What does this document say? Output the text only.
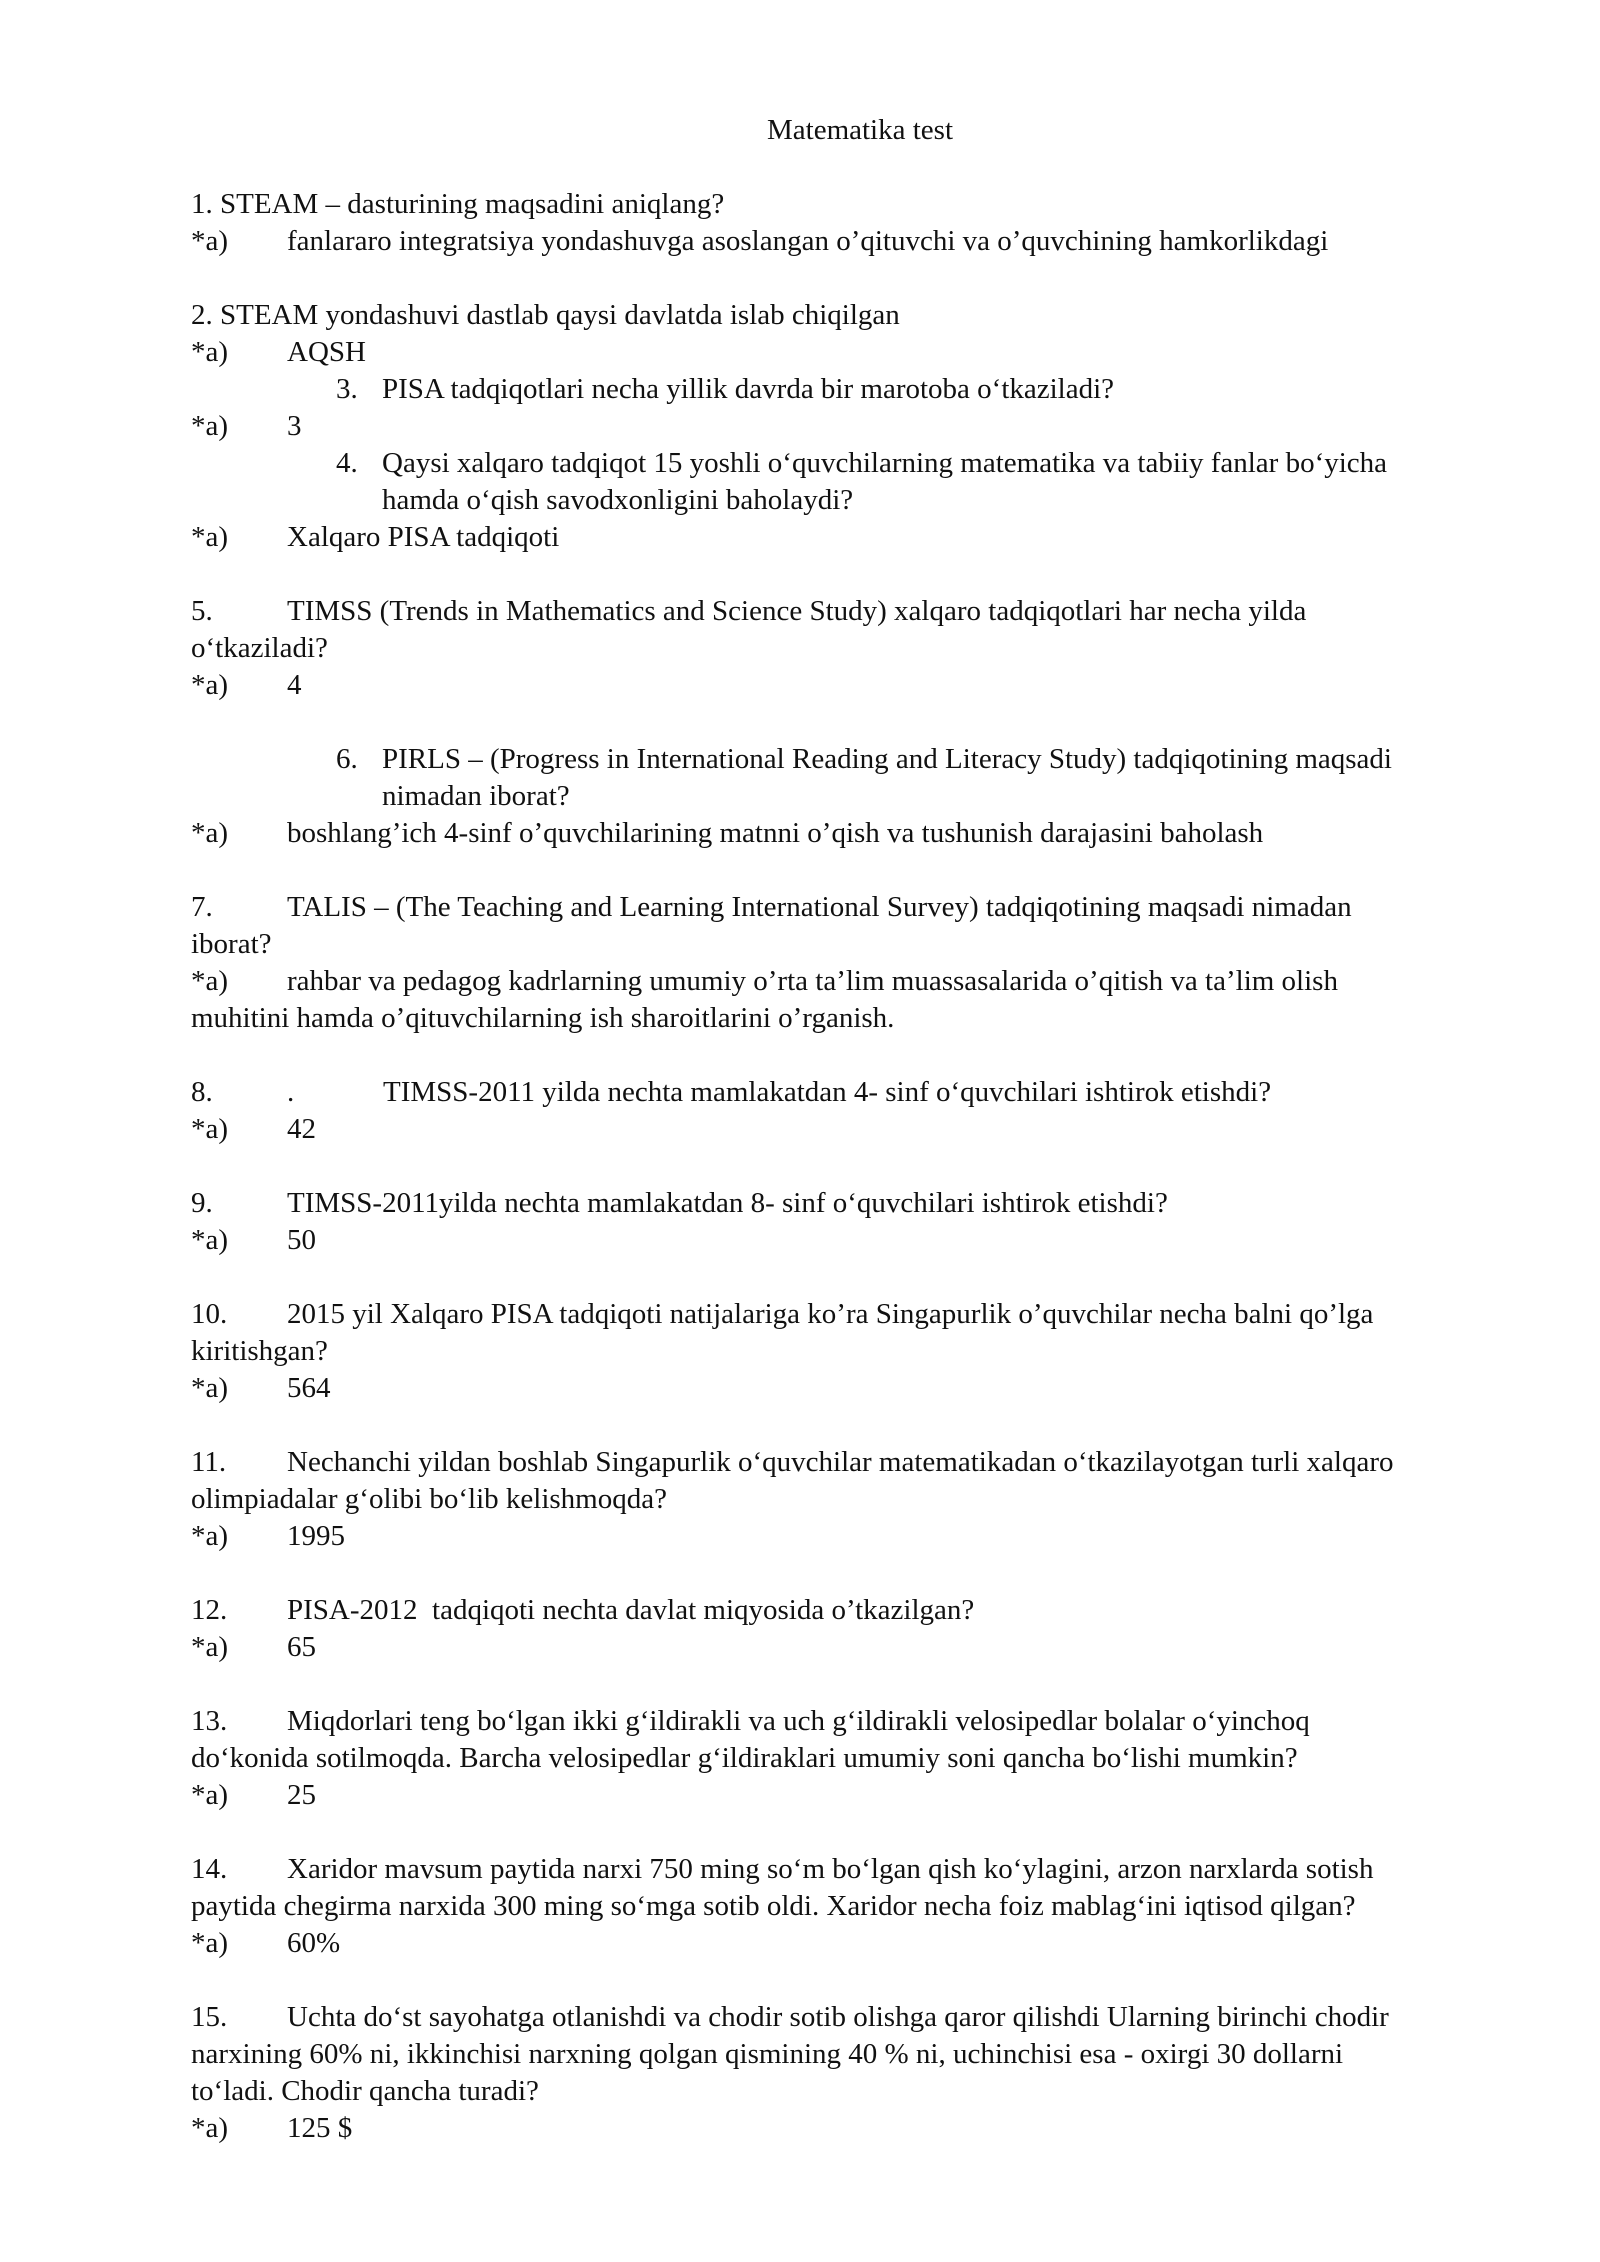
Matematika test
1. STEAM – dasturining maqsadini aniqlang?
*a) fanlararo integratsiya yondashuvga asoslangan o’qituvchi va o’quvchining hamkorlikdagi
2. STEAM yondashuvi dastlab qaysi davlatda islab chiqilgan
*a) AQSH
3. PISA tadqiqotlari necha yillik davrda bir marotoba o‘tkaziladi?
*a) 3
4. Qaysi xalqaro tadqiqot 15 yoshli o‘quvchilarning matematika va tabiiy fanlar bo‘yicha
hamda o‘qish savodxonligini baholaydi?
*a) Xalqaro PISA tadqiqoti
5.	TIMSS (Trends in Mathematics and Science Study) xalqaro tadqiqotlari har necha yilda
o‘tkaziladi?
*a) 4
6. PIRLS – (Progress in International Reading and Literacy Study) tadqiqotining maqsadi
nimadan iborat?
*a) boshlang’ich 4-sinf o’quvchilarining matnni o’qish va tushunish darajasini baholash
7.	TALIS – (The Teaching and Learning International Survey) tadqiqotining maqsadi nimadan
iborat?
*a) rahbar va pedagog kadrlarning umumiy o’rta ta’lim muassasalarida o’qitish va ta’lim olish
muhitini hamda o’qituvchilarning ish sharoitlarini o’rganish.
8.	.	TIMSS-2011 yilda nechta mamlakatdan 4- sinf o‘quvchilari ishtirok etishdi?
*a) 42
9.	TIMSS-2011yilda nechta mamlakatdan 8- sinf o‘quvchilari ishtirok etishdi?
*a) 50
10. 2015 yil Xalqaro PISA tadqiqoti natijalariga ko’ra Singapurlik o’quvchilar necha balni qo’lga
kiritishgan?
*a) 564
11. Nechanchi yildan boshlab Singapurlik o‘quvchilar matematikadan o‘tkazilayotgan turli xalqaro
olimpiadalar g‘olibi bo‘lib kelishmoqda?
*a) 1995
12. PISA-2012  tadqiqoti nechta davlat miqyosida o’tkazilgan?
*a) 65
13. Miqdorlari teng bo‘lgan ikki g‘ildirakli va uch g‘ildirakli velosipedlar bolalar o‘yinchoq
do‘konida sotilmoqda. Barcha velosipedlar g‘ildiraklari umumiy soni qancha bo‘lishi mumkin?
*a) 25
14. Xaridor mavsum paytida narxi 750 ming so‘m bo‘lgan qish ko‘ylagini, arzon narxlarda sotish
paytida chegirma narxida 300 ming so‘mga sotib oldi. Xaridor necha foiz mablag‘ini iqtisod qilgan?
*a) 60%
15. Uchta do‘st sayohatga otlanishdi va chodir sotib olishga qaror qilishdi Ularning birinchi chodir
narxining 60% ni, ikkinchisi narxning qolgan qismining 40 % ni, uchinchisi esa - oxirgi 30 dollarni
to‘ladi. Chodir qancha turadi?
*a) 125 $
